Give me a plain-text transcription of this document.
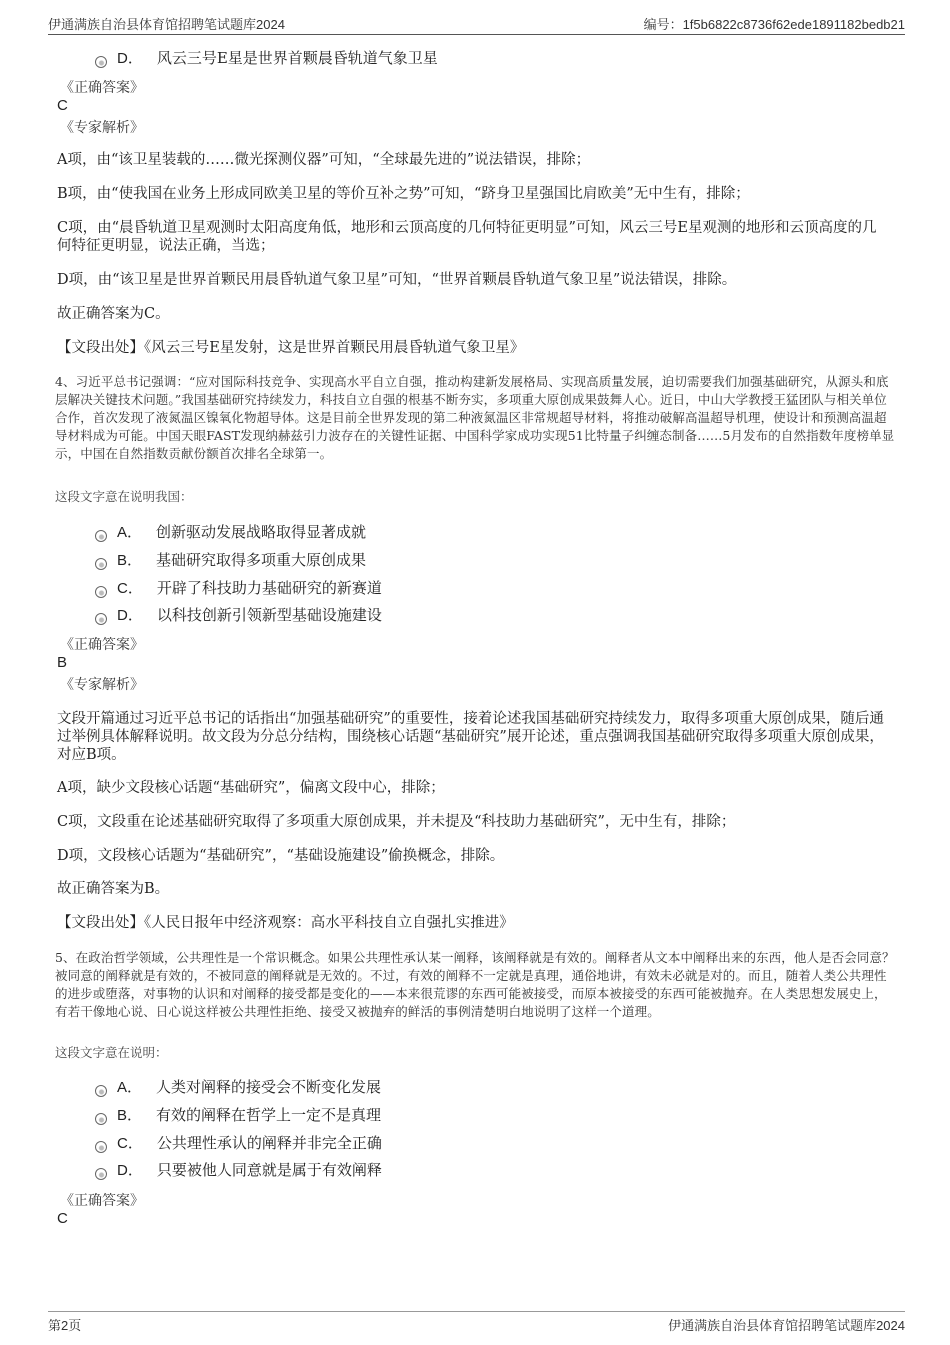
伊通满族自治县体育馆招聘笔试题库2024	编号：1f5b6822c8736f62ede1891182bedb21
D． 风云三号E星是世界首颗晨昏轨道气象卫星
《正确答案》
C
《专家解析》
A项，由“该卫星装载的……微光探测仪器”可知，“全球最先进的”说法错误，排除；
B项，由“使我国在业务上形成同欧美卫星的等价互补之势”可知，“跻身卫星强国比肩欧美”无中生有，排除；
C项，由“晨昏轨道卫星观测时太阳高度角低，地形和云顶高度的几何特征更明显”可知，风云三号E星观测的地形和云顶高度的几何特征更明显，说法正确，当选；
D项，由“该卫星是世界首颗民用晨昏轨道气象卫星”可知，“世界首颗晨昏轨道气象卫星”说法错误，排除。
故正确答案为C。
【文段出处】《风云三号E星发射，这是世界首颗民用晨昏轨道气象卫星》
4、习近平总书记强调：“应对国际科技竞争、实现高水平自立自强，推动构建新发展格局、实现高质量发展，迫切需要我们加强基础研究，从源头和底层解决关键技术问题。”我国基础研究持续发力，科技自立自强的根基不断夯实，多项重大原创成果鼓舞人心。近日，中山大学教授王猛团队与相关单位合作，首次发现了液氮温区镍氧化物超导体。这是目前全世界发现的第二种液氮温区非常规超导材料，将推动破解高温超导机理，使设计和预测高温超导材料成为可能。中国天眼FAST发现纳赫兹引力波存在的关键性证据、中国科学家成功实现51比特量子纠缠态制备……5月发布的自然指数年度榜单显示，中国在自然指数贡献份额首次排名全球第一。
这段文字意在说明我国：
A． 创新驱动发展战略取得显著成就
B． 基础研究取得多项重大原创成果
C． 开辟了科技助力基础研究的新赛道
D． 以科技创新引领新型基础设施建设
《正确答案》
B
《专家解析》
文段开篇通过习近平总书记的话指出“加强基础研究”的重要性，接着论述我国基础研究持续发力，取得多项重大原创成果，随后通过举例具体解释说明。故文段为分总分结构，围绕核心话题“基础研究”展开论述，重点强调我国基础研究取得多项重大原创成果，对应B项。
A项，缺少文段核心话题“基础研究”，偏离文段中心，排除；
C项，文段重在论述基础研究取得了多项重大原创成果，并未提及“科技助力基础研究”，无中生有，排除；
D项，文段核心话题为“基础研究”，“基础设施建设”偷换概念，排除。
故正确答案为B。
【文段出处】《人民日报年中经济观察：高水平科技自立自强扎实推进》
5、在政治哲学领域，公共理性是一个常识概念。如果公共理性承认某一阐释，该阐释就是有效的。阐释者从文本中阐释出来的东西，他人是否会同意？被同意的阐释就是有效的，不被同意的阐释就是无效的。不过，有效的阐释不一定就是真理，通俗地讲，有效未必就是对的。而且，随着人类公共理性的进步或堕落，对事物的认识和对阐释的接受都是变化的——本来很荒谬的东西可能被接受，而原本被接受的东西可能被抛弃。在人类思想发展史上，有若干像地心说、日心说这样被公共理性拒绝、接受又被抛弃的鲜活的事例清楚明白地说明了这样一个道理。
这段文字意在说明：
A． 人类对阐释的接受会不断变化发展
B． 有效的阐释在哲学上一定不是真理
C． 公共理性承认的阐释并非完全正确
D． 只要被他人同意就是属于有效阐释
《正确答案》
C
第2页	伊通满族自治县体育馆招聘笔试题库2024
